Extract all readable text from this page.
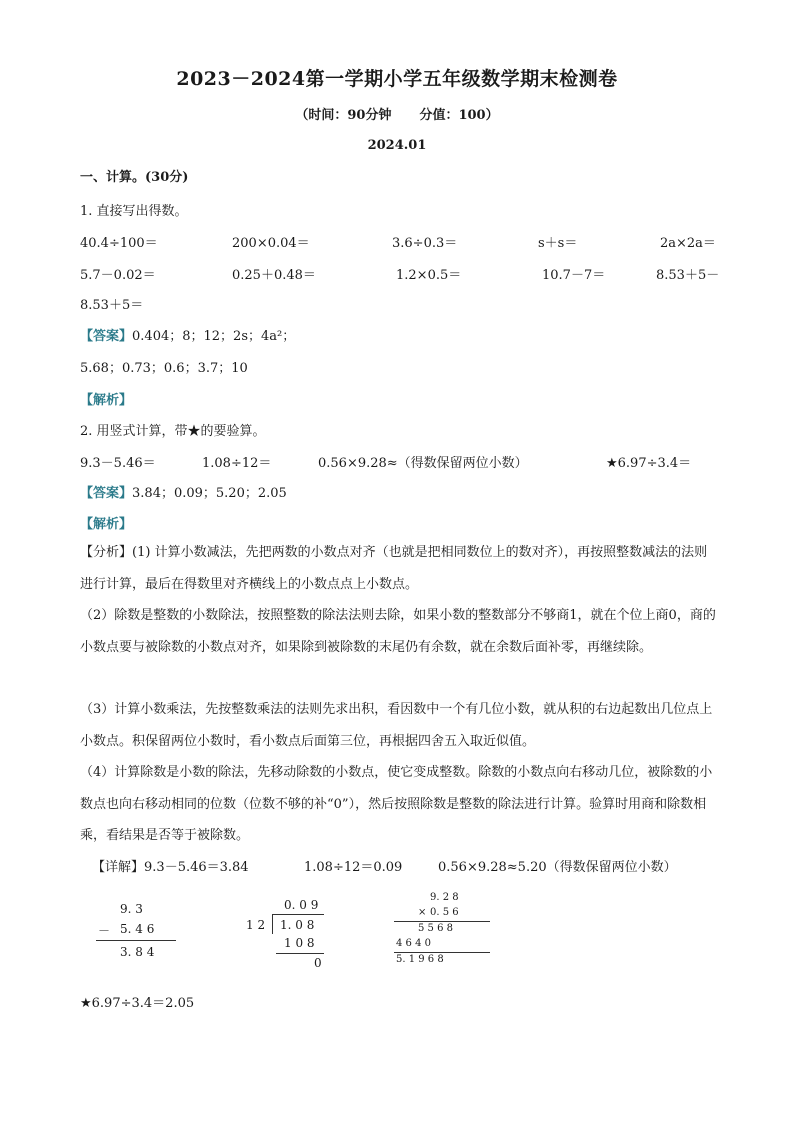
2023－2024第一学期小学五年级数学期末检测卷
（时间：90分钟 分值：100）
2024.01
一、计算。(30分)
1. 直接写出得数。
40.4÷100＝	200×0.04＝	3.6÷0.3＝	s＋s＝	2a×2a＝
5.7－0.02＝	0.25＋0.48＝	1.2×0.5＝	10.7－7＝	8.53＋5－
8.53＋5＝
【答案】0.404；8；12；2s；4a²；
5.68；0.73；0.6；3.7；10
【解析】
2. 用竖式计算，带★的要验算。
9.3－5.46＝	1.08÷12＝	0.56×9.28≈（得数保留两位小数）	★6.97÷3.4＝
【答案】3.84；0.09；5.20；2.05
【解析】
【分析】(1) 计算小数减法，先把两数的小数点对齐（也就是把相同数位上的数对齐），再按照整数减法的法则进行计算，最后在得数里对齐横线上的小数点点上小数点。
（2）除数是整数的小数除法，按照整数的除法法则去除，如果小数的整数部分不够商1，就在个位上商0，商的小数点要与被除数的小数点对齐，如果除到被除数的末尾仍有余数，就在余数后面补零，再继续除。
（3）计算小数乘法，先按整数乘法的法则先求出积，看因数中一个有几位小数，就从积的右边起数出几位点上小数点。积保留两位小数时，看小数点后面第三位，再根据四舍五入取近似值。
（4）计算除数是小数的除法，先移动除数的小数点，使它变成整数。除数的小数点向右移动几位，被除数的小数点也向右移动相同的位数（位数不够的补“0”），然后按照除数是整数的除法进行计算。验算时用商和除数相乘，看结果是否等于被除数。
【详解】9.3－5.46＝3.84	1.08÷12＝0.09	0.56×9.28≈5.20（得数保留两位小数）
9. 3
－ 5. 4 6
3. 8 4
0. 0 9
1 2 1. 0 8
1 0 8
0
9. 2 8
× 0. 5 6
5 5 6 8
4 6 4 0
5. 1 9 6 8
★6.97÷3.4＝2.05
